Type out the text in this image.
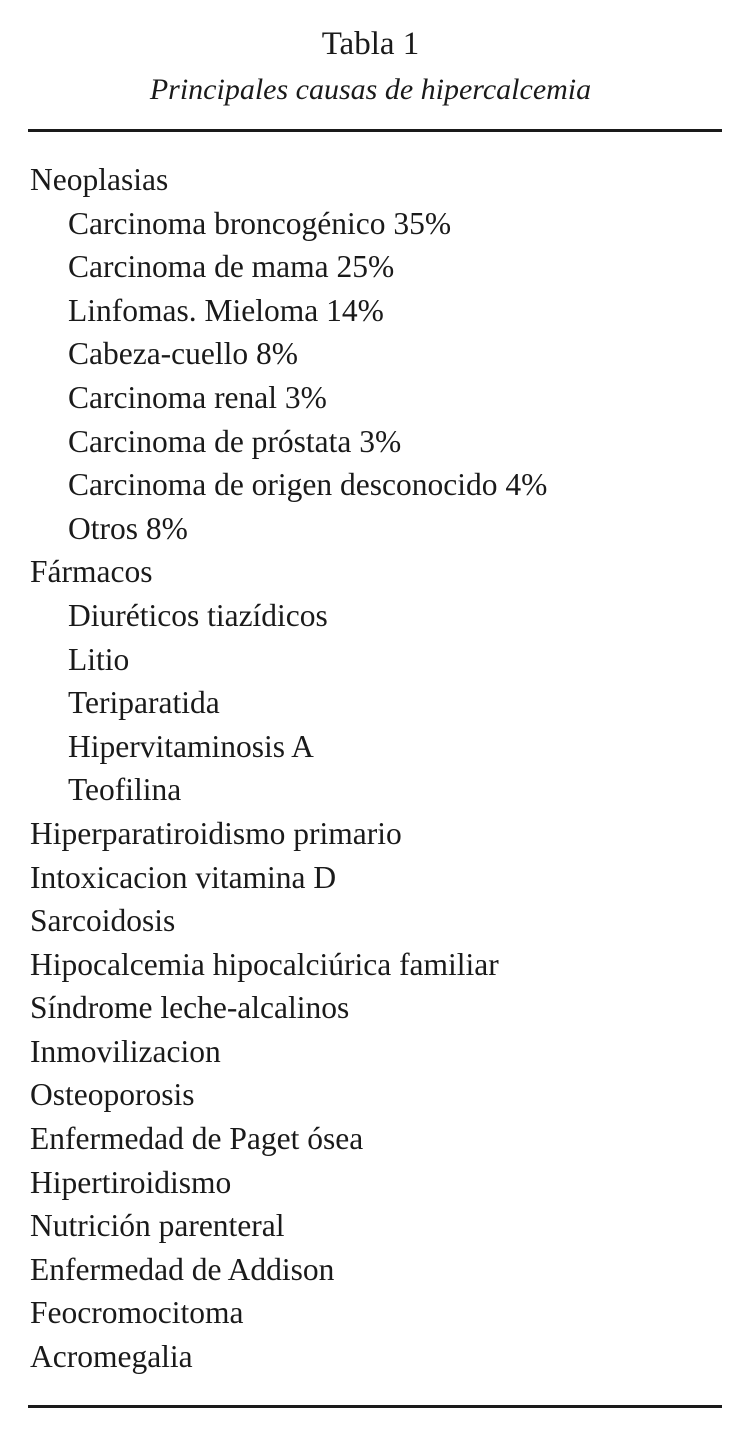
Tabla 1

Principales causas de hipercalcemia

Neoplasias
Carcinoma broncogénico 35%
Carcinoma de mama 25%
Linfomas. Mieloma 14%
Cabeza-cuello 8%
Carcinoma renal 3%
Carcinoma de próstata 3%
Carcinoma de origen desconocido 4%
Otros 8%
Fármacos
Diuréticos tiazídicos
Litio
Teriparatida
Hipervitaminosis A
Teofilina
Hiperparatiroidismo primario
Intoxicacion vitamina D
Sarcoidosis
Hipocalcemia hipocalciúrica familiar
Síndrome leche-alcalinos
Inmovilizacion
Osteoporosis
Enfermedad de Paget ósea
Hipertiroidismo
Nutrición parenteral
Enfermedad de Addison
Feocromocitoma
Acromegalia
